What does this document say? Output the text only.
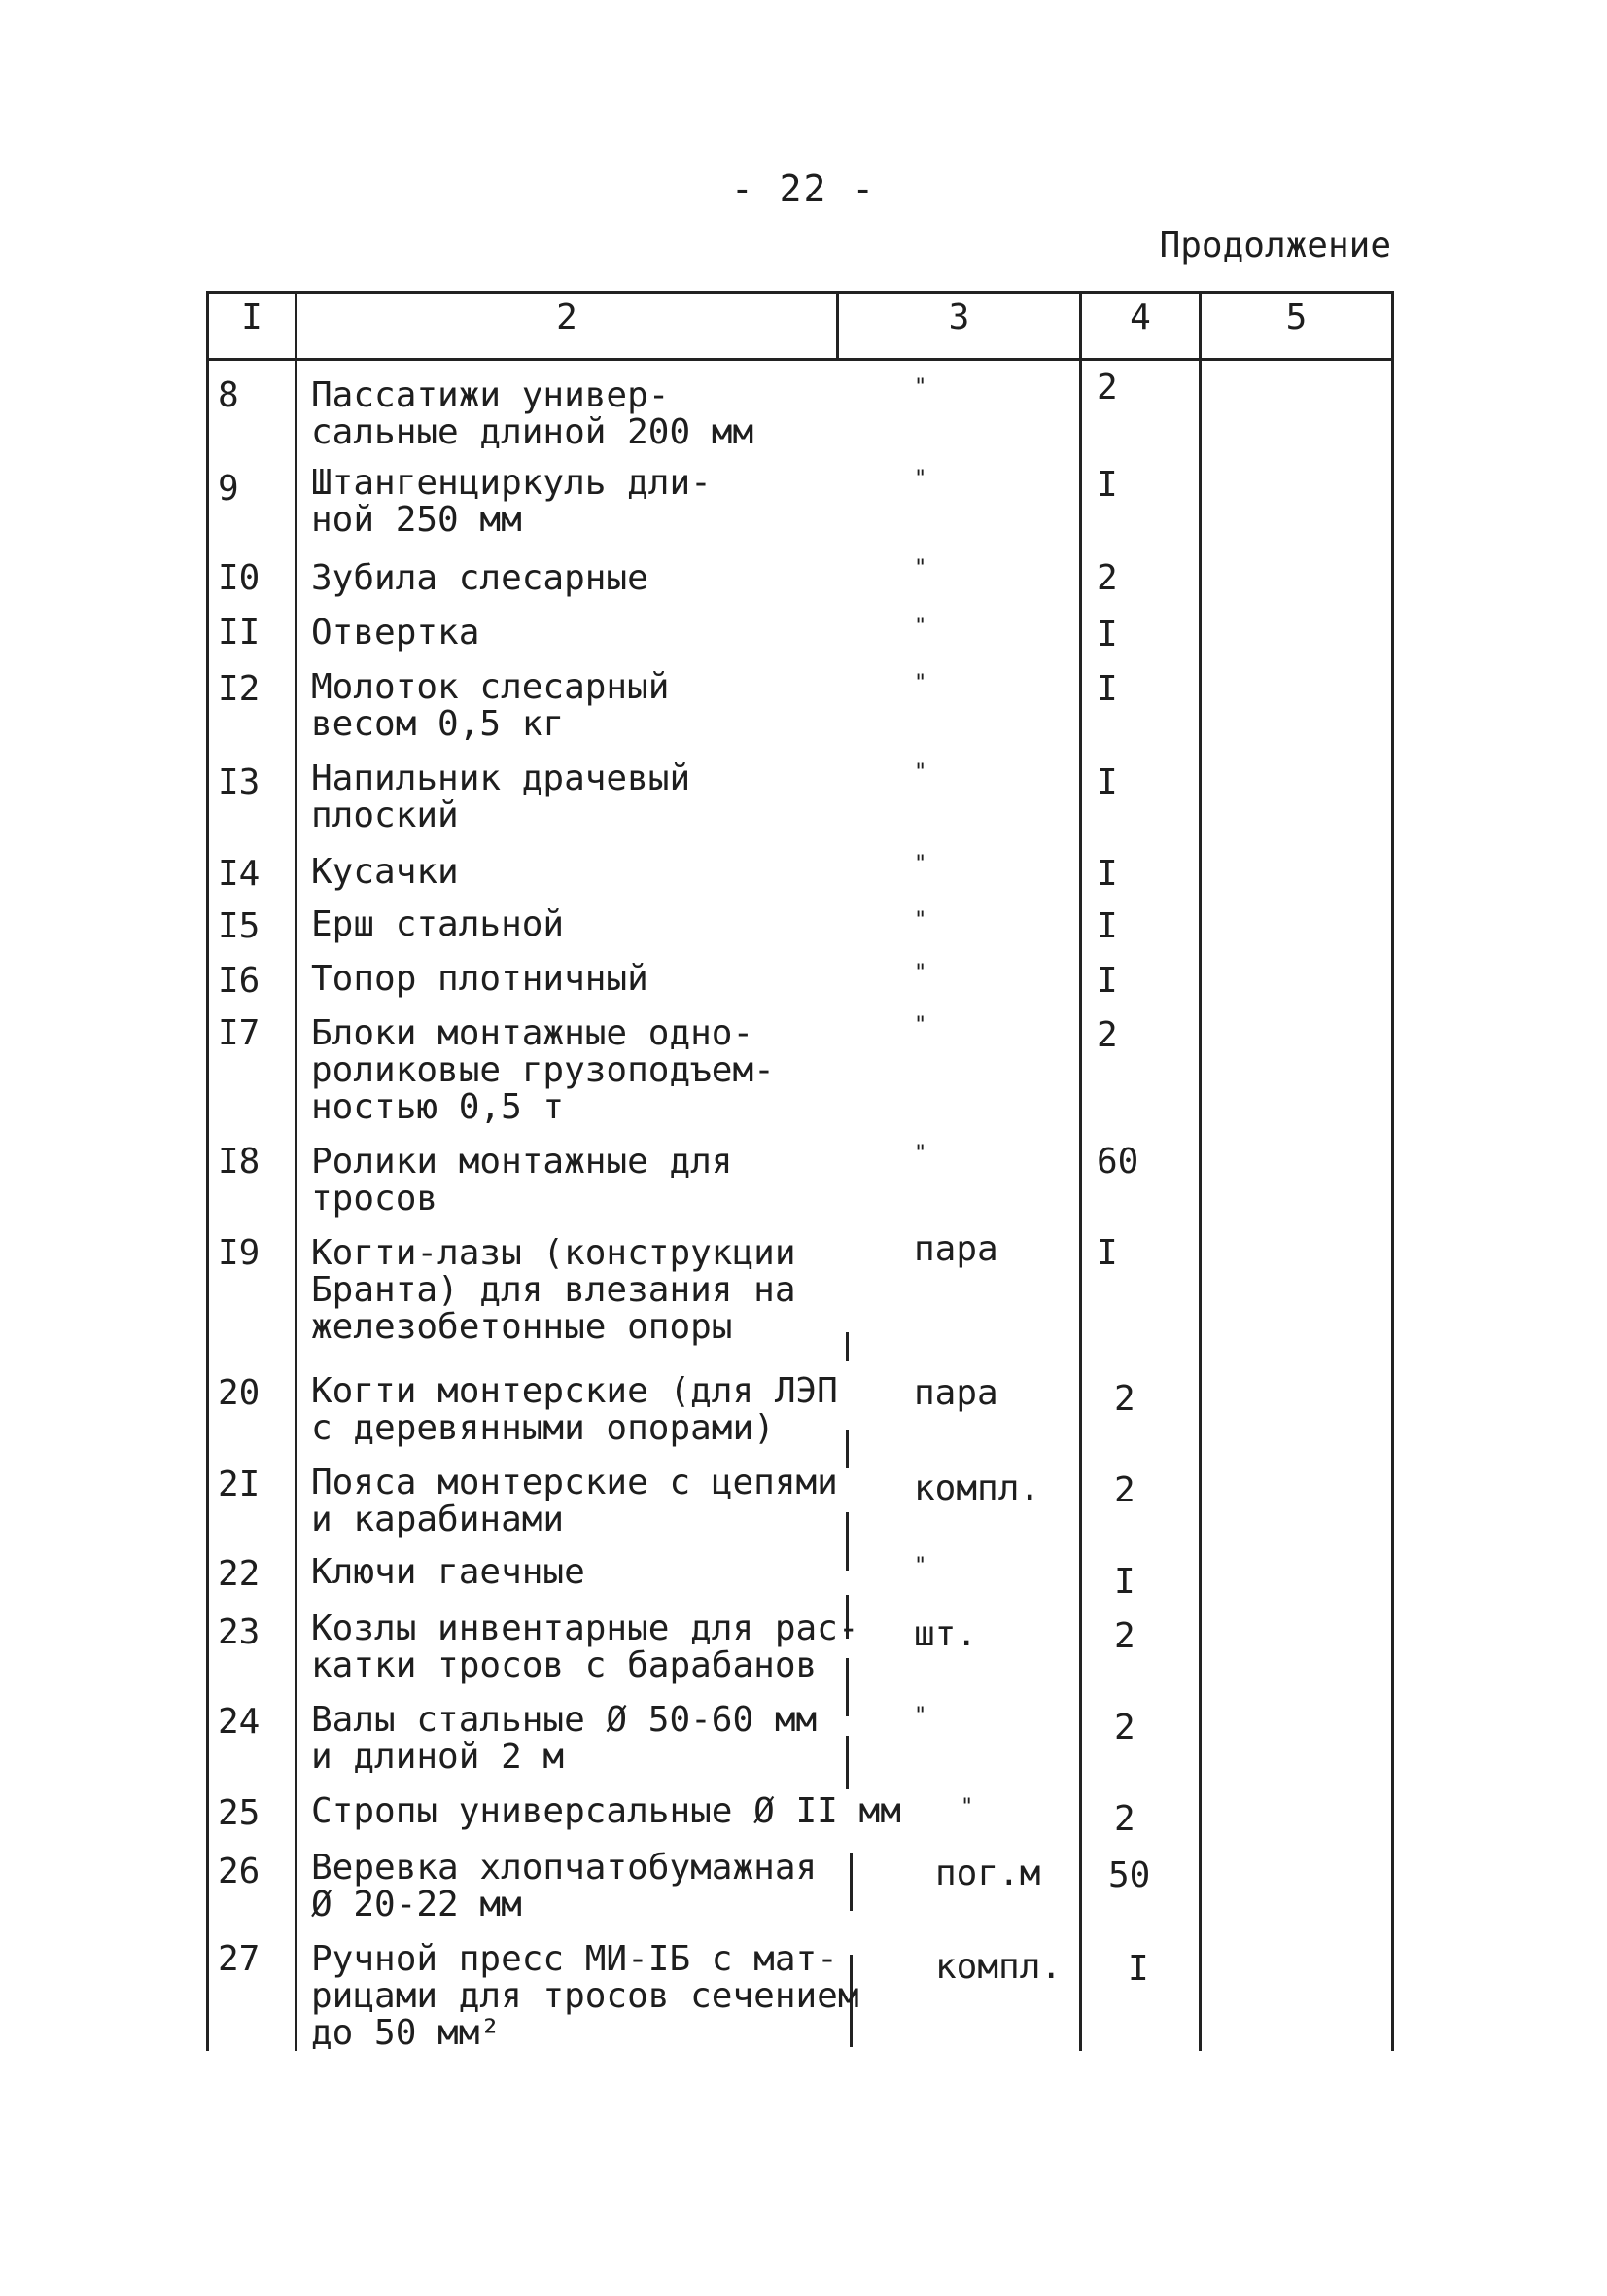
- 22 -
Продолжение
I	2	3	4	5
8	Пассатижи универ-
сальные длиной 200 мм
"	2
9	Штангенциркуль дли-
ной 250 мм
"	I
I0	Зубила слесарные	"	2
II	Отвертка	"	I
I2	Молоток слесарный
весом 0,5 кг
"	I
I3	Напильник драчевый
плоский
"	I
I4	Кусачки	"	I
I5	Ерш стальной	"	I
I6	Топор плотничный	"	I
I7	Блоки монтажные одно-
роликовые грузоподъем-
ностью 0,5 т
"	2
I8	Ролики монтажные для
тросов
"	60
I9	Когти-лазы (конструкции
Бранта) для влезания на
железобетонные опоры
пара	I
20	Когти монтерские (для ЛЭП
с деревянными опорами)
пара	2
2I	Пояса монтерские с цепями
и карабинами
компл.	2
22	Ключи гаечные	"	I
23	Козлы инвентарные для рас-
катки тросов с барабанов
шт.	2
24	Валы стальные Ø 50-60 мм
и длиной 2 м
"	2
25	Стропы универсальные Ø II мм	"	2
26	Веревка хлопчатобумажная
Ø 20-22 мм
пог.м	50
27	Ручной пресс МИ-IБ с мат-
рицами для тросов сечением
до 50 мм²
компл.	I
